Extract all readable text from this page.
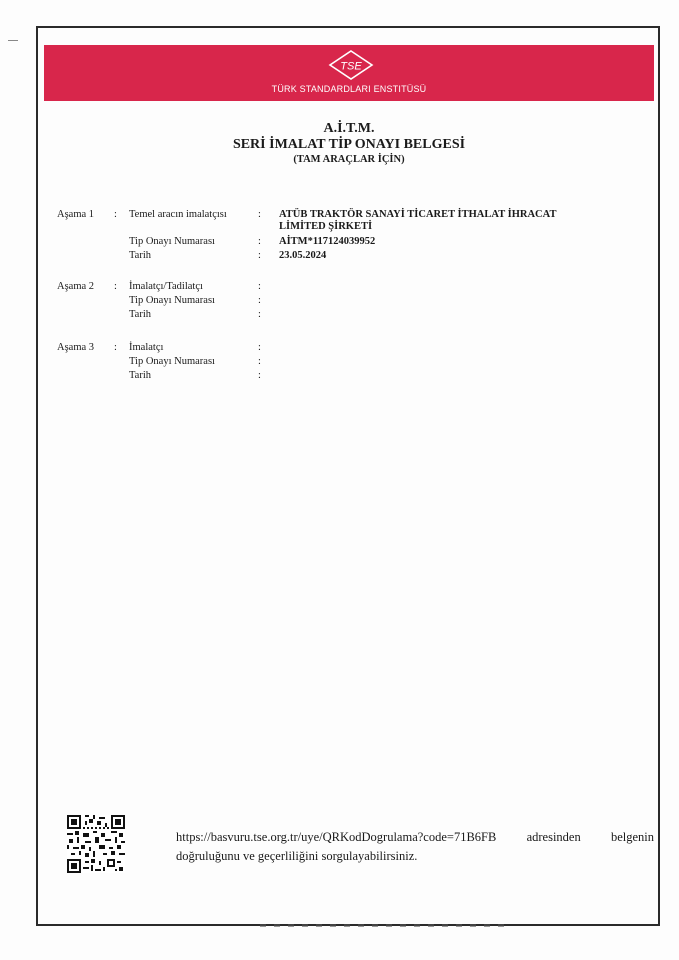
TSE
TÜRK STANDARDLARI ENSTITÜSÜ
A.İ.T.M.
SERİ İMALAT TİP ONAYI BELGESİ
(TAM ARAÇLAR İÇİN)
Aşama 1 : Temel aracın imalatçısı	: ATÜB TRAKTÖR SANAYİ TİCARET İTHALAT İHRACAT
LİMİTED ŞİRKETİ
Tip Onayı Numarası	: AİTM*117124039952
Tarih	: 23.05.2024
Aşama 2 : İmalatçı/Tadilatçı	:
Tip Onayı Numarası	:
Tarih	:
Aşama 3 : İmalatçı	:
Tip Onayı Numarası	:
Tarih	:
https://basvuru.tse.org.tr/uye/QRKodDogrulama?code=71B6FB adresinden belgenin doğruluğunu ve geçerliliğini sorgulayabilirsiniz.
